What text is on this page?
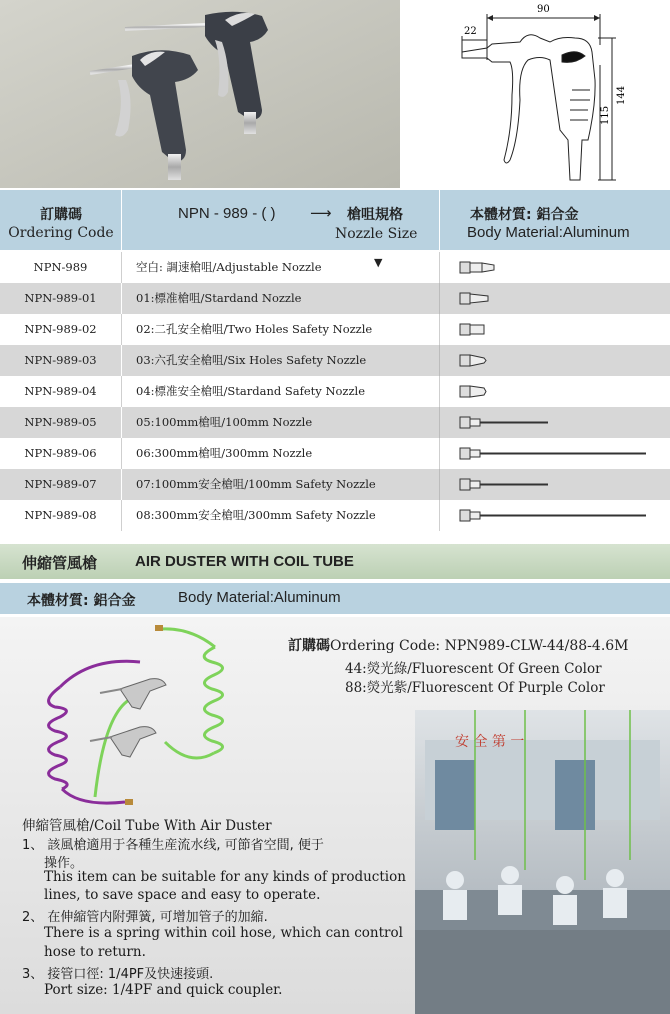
90
22
144
115
訂購碼
Ordering Code
NPN - 989 - ( ) ⟶ 槍咀規格
Nozzle Size
本體材質: 鋁合金
Body Material:Aluminum
NPN-989	空白: 調速槍咀/Adjustable Nozzle
NPN-989-01	01:標准槍咀/Stardand Nozzle
NPN-989-02	02:二孔安全槍咀/Two Holes Safety Nozzle
NPN-989-03	03:六孔安全槍咀/Six Holes Safety Nozzle
NPN-989-04	04:標准安全槍咀/Stardand Safety Nozzle
NPN-989-05	05:100mm槍咀/100mm Nozzle
NPN-989-06	06:300mm槍咀/300mm Nozzle
NPN-989-07	07:100mm安全槍咀/100mm Safety Nozzle
NPN-989-08	08:300mm安全槍咀/300mm Safety Nozzle
▼
伸縮管風槍	AIR DUSTER WITH COIL TUBE
本體材質: 鋁合金	Body Material:Aluminum
安 全 第 一
訂購碼Ordering Code: NPN989-CLW-44/88-4.6M
44:熒光綠/Fluorescent Of Green Color
88:熒光紫/Fluorescent Of Purple Color
伸縮管風槍/Coil Tube With Air Duster
1、 該風槍適用于各種生産流水线, 可節省空間, 便于
操作。
This item can be suitable for any kinds of production
lines, to save space and easy to operate.
2、 在伸縮管内附彈簧, 可增加管子的加縮.
There is a spring within coil hose, which can control
hose to return.
3、 接管口徑: 1/4PF及快速接頭.
Port size: 1/4PF and quick coupler.
